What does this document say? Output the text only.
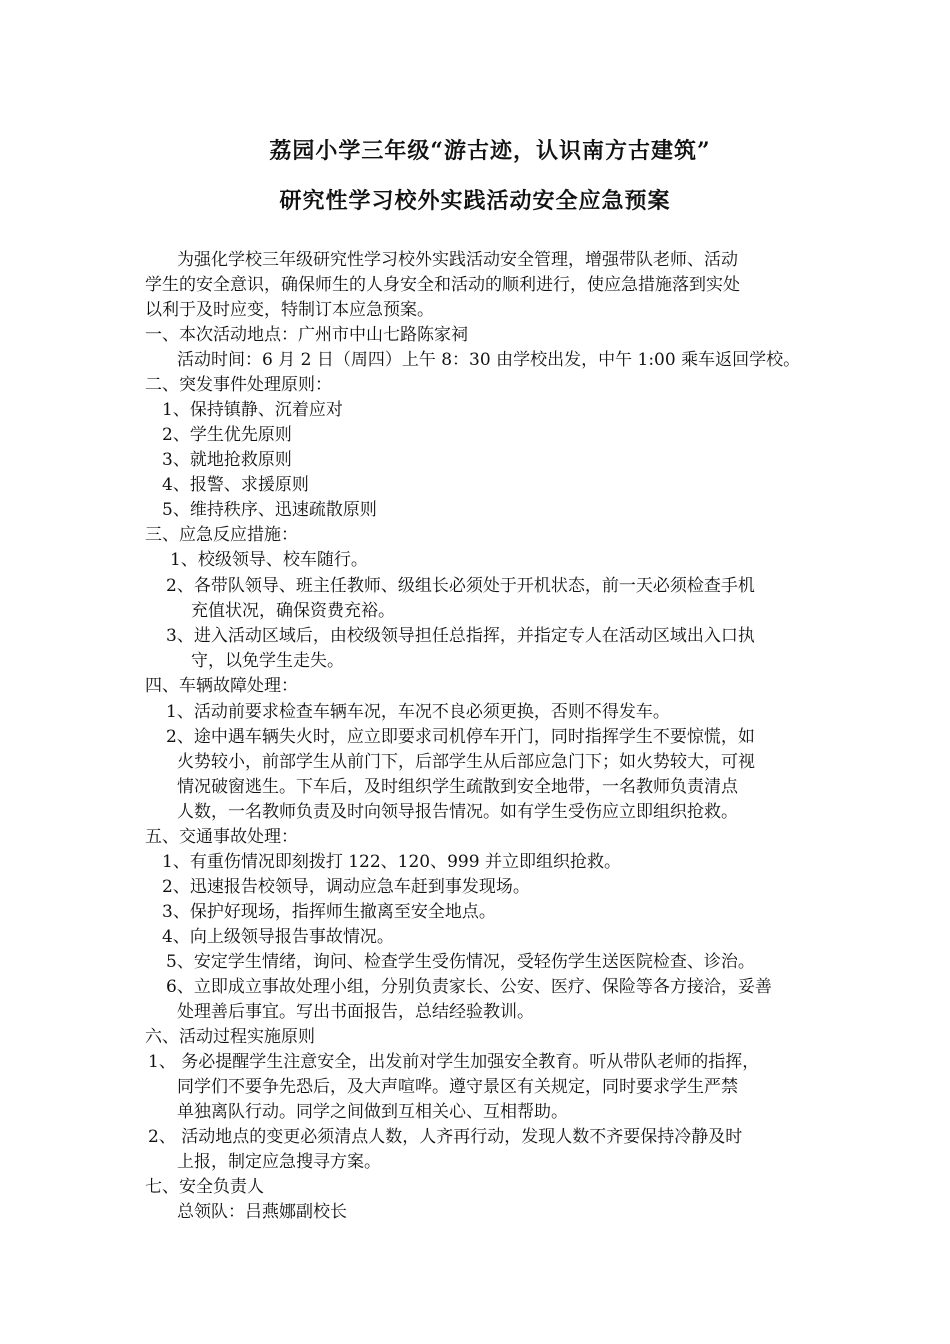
荔园小学三年级“游古迹，认识南方古建筑”
研究性学习校外实践活动安全应急预案
为强化学校三年级研究性学习校外实践活动安全管理，增强带队老师、活动
学生的安全意识，确保师生的人身安全和活动的顺利进行，使应急措施落到实处
以利于及时应变，特制订本应急预案。
一、本次活动地点：广州市中山七路陈家祠
活动时间：6 月 2 日（周四）上午 8：30 由学校出发，中午 1:00 乘车返回学校。
二、突发事件处理原则：
1、保持镇静、沉着应对
2、学生优先原则
3、就地抢救原则
4、报警、求援原则
5、维持秩序、迅速疏散原则
三、应急反应措施：
1、校级领导、校车随行。
2、各带队领导、班主任教师、级组长必须处于开机状态，前一天必须检查手机
充值状况，确保资费充裕。
3、进入活动区域后，由校级领导担任总指挥，并指定专人在活动区域出入口执
守，以免学生走失。
四、车辆故障处理：
1、活动前要求检查车辆车况，车况不良必须更换，否则不得发车。
2、途中遇车辆失火时，应立即要求司机停车开门，同时指挥学生不要惊慌，如
火势较小，前部学生从前门下，后部学生从后部应急门下；如火势较大，可视
情况破窗逃生。下车后，及时组织学生疏散到安全地带，一名教师负责清点
人数，一名教师负责及时向领导报告情况。如有学生受伤应立即组织抢救。
五、交通事故处理：
1、有重伤情况即刻拨打 122、120、999 并立即组织抢救。
2、迅速报告校领导，调动应急车赶到事发现场。
3、保护好现场，指挥师生撤离至安全地点。
4、向上级领导报告事故情况。
5、安定学生情绪，询问、检查学生受伤情况，受轻伤学生送医院检查、诊治。
6、立即成立事故处理小组，分别负责家长、公安、医疗、保险等各方接洽，妥善
处理善后事宜。写出书面报告，总结经验教训。
六、活动过程实施原则
1、 务必提醒学生注意安全，出发前对学生加强安全教育。听从带队老师的指挥，
同学们不要争先恐后，及大声喧哗。遵守景区有关规定，同时要求学生严禁
单独离队行动。同学之间做到互相关心、互相帮助。
2、 活动地点的变更必须清点人数，人齐再行动，发现人数不齐要保持冷静及时
上报，制定应急搜寻方案。
七、安全负责人
总领队：吕燕娜副校长
